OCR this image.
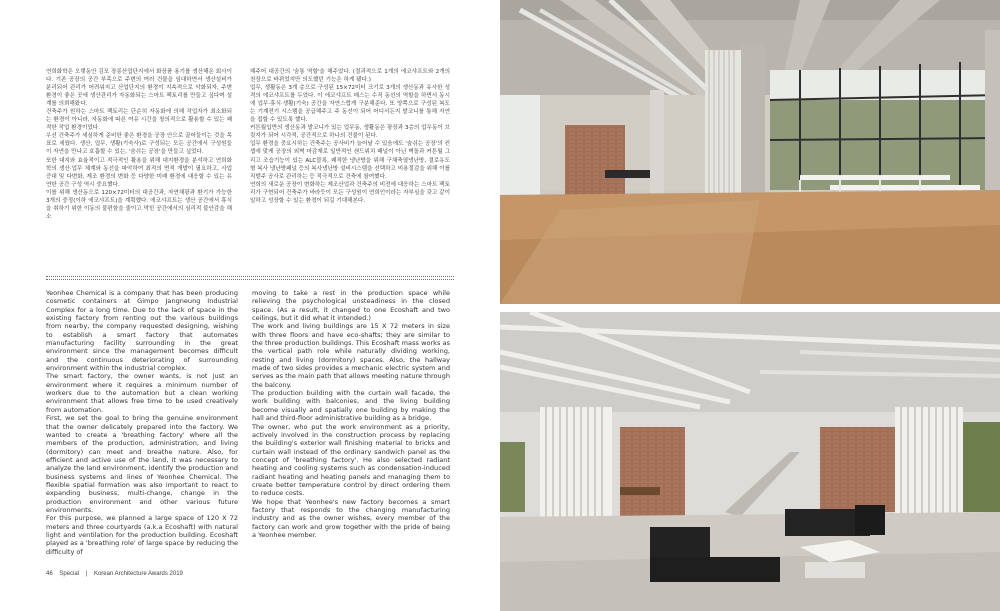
연희화학은 오랫동안 김포 장릉산업단지에서 화장품 용기를 생산해온 회사이다. 기존 공장의 공간 부족으로 주변의 여러 건물을 임대하면서 생산설비가 분리되어 관리가 어려워지고 산업단지의 환경이 지속적으로 악화되자, 주변 환경이 좋은 곳에 생산관리가 자동화되는 스마트 팩토리를 만들고 싶다며 설계를 의뢰해왔다.

건축주가 원하는 스마트 팩토리는 단순히 자동화에 의해 작업자가 최소화되는 환경이 아니라, 자동화에 따른 여유 시간을 창의적으로 활용할 수 있는 쾌적한 작업 환경이었다.

우선 건축주가 세심하게 준비한 좋은 환경을 공장 안으로 끌어들이는 것을 목표로 세웠다. 생산, 업무, 생활(기숙사)로 구성되는 모든 공간에서 구성원들이 자연을 만나고 호흡할 수 있는, '숨쉬는 공장'을 만들고 싶었다.

또한 대지와 효율적이고 적극적인 활용을 위해 대지환경을 분석하고 연희화학의 생산·업무 체계와 동선을 파악하여 최적의 면적 개발이 필요하고, 사업증대 및 다변화, 제조 환경의 변화 등 다양한 미래 환경에 대응할 수 있는 유연한 공간 구성 역시 중요했다.

이를 위해 생산동으로 120×72미터의 대공간과, 자연채광과 환기가 가능한 3개의 중정(이하 에코샤프트)을 계획했다. 에코샤프트는 생산 공간에서 휴식을 취하기 위한 이동의 불편함을 줄이고 막힌 공간에서의 심리적 불안감을 해소

해주어 대공간의 '숨통 역할'을 해주었다. (결과적으로 1개의 에코샤프트와 2개의 천장으로 바뀌었지만 의도했던 기능은 하게 됐다.)

업무, 생활동은 3개 층으로 구성된 15×72미터 크기로 3개의 생산동과 유사한 성격의 에코샤프트를 두었다. 이 에코샤프트 매스는 수직 동선의 역할을 하면서 동시에 업무·휴식·생활(기숙) 공간을 자연스럽게 구분해준다. 또 양쪽으로 구성된 복도는 기계전기 시스템을 공급해주고 주 동선이 되어 어디서든지 발코니를 통해 자연을 접할 수 있도록 했다.

커튼월입면의 생산동과 발코니가 있는 업무동, 생활동은 광장과 3층의 업무동이 브릿지가 되어 시각적, 공간적으로 하나의 건물이 된다.

업무 환경을 중요시하는 건축주는 공사비가 늘어날 수 있음에도 '숨쉬는 공장'의 컨셉에 맞게 공장의 외벽 마감재로 일반적인 샌드위치 패널이 아닌 벽돌과 커튼월 그리고 조습기능이 있는 ALC블록, 쾌적한 냉난방을 위해 구채축열냉난방, 결로유도형 복사 냉난방패널 등의 복사냉난방 설비시스템을 선택하고 비용절감을 위해 이를 직발주 공사로 관리하는 등 적극적으로 건축에 참여했다.

연희의 새로운 공장이 변화하는 제조산업과 건축주의 비전에 대응하는 스마트 팩토리가 구현되어 건축주가 바라듯이 모든 구성원이 연희인이라는 자부심을 갖고 같이 일하고 성장할 수 있는 환경이 되길 기대해본다.

Yeonhee Chemical is a company that has been producing cosmetic containers at Gimpo Jangneung Industrial Complex for a long time. Due to the lack of space in the existing factory from renting out the various buildings from nearby, the company requested designing, wishing to establish a smart factory that automates manufacturing facility surrounding in the great environment since the management becomes difficult and the continuous deteriorating of surrounding environment within the industrial complex.

The smart factory, the owner wants, is not just an environment where it requires a minimum number of workers due to the automation but a clean working environment that allows free time to be used creatively from automation.

First, we set the goal to bring the genuine environment that the owner delicately prepared into the factory. We wanted to create a 'breathing factory' where all the members of the production, administration, and living (dormitory) can meet and breathe nature. Also, for efficient and active use of the land, it was necessary to analyze the land environment, identify the production and business systems and lines of Yeonhee Chemical. The flexible spatial formation was also important to react to expanding business, multi-change, change in the production environment and other various future environments.

For this purpose, we planned a large space of 120 X 72 meters and three courtyards (a.k.a Ecoshaft) with natural light and ventilation for the production building. Ecoshaft played as a 'breathing role' of large space by reducing the difficulty of

moving to take a rest in the production space while relieving the psychological unsteadiness in the closed space. (As a result, it changed to one Ecoshaft and two ceilings, but it did what it intended.)

The work and living buildings are 15 X 72 meters in size with three floors and have eco-shafts; they are similar to the three production buildings. This Ecoshaft mass works as the vertical path role while naturally dividing working, resting and living (dormitory) spaces. Also, the hallway made of two sides provides a mechanic electric system and serves as the main path that allows meeting nature through the balcony.

The production building with the curtain wall facade, the work building with balconies, and the living building become visually and spatially one building by making the hall and third-floor administrative building as a bridge.

The owner, who put the work environment as a priority, actively involved in the construction process by replacing the building's exterior wall finishing material to bricks and curtain wall instead of the ordinary sandwich panel as the concept of 'breathing factory'. He also selected radiant heating and cooling systems such as condensation-induced radiant heating and heating panels and managing them to create better temperature control by direct ordering them to reduce costs.

We hope that Yeonhee's new factory becomes a smart factory that responds to the changing manufacturing industry and as the owner wishes, every member of the factory can work and grow together with the pride of being a Yeonhee member.

46 Special | Korean Architecture Awards 2019
